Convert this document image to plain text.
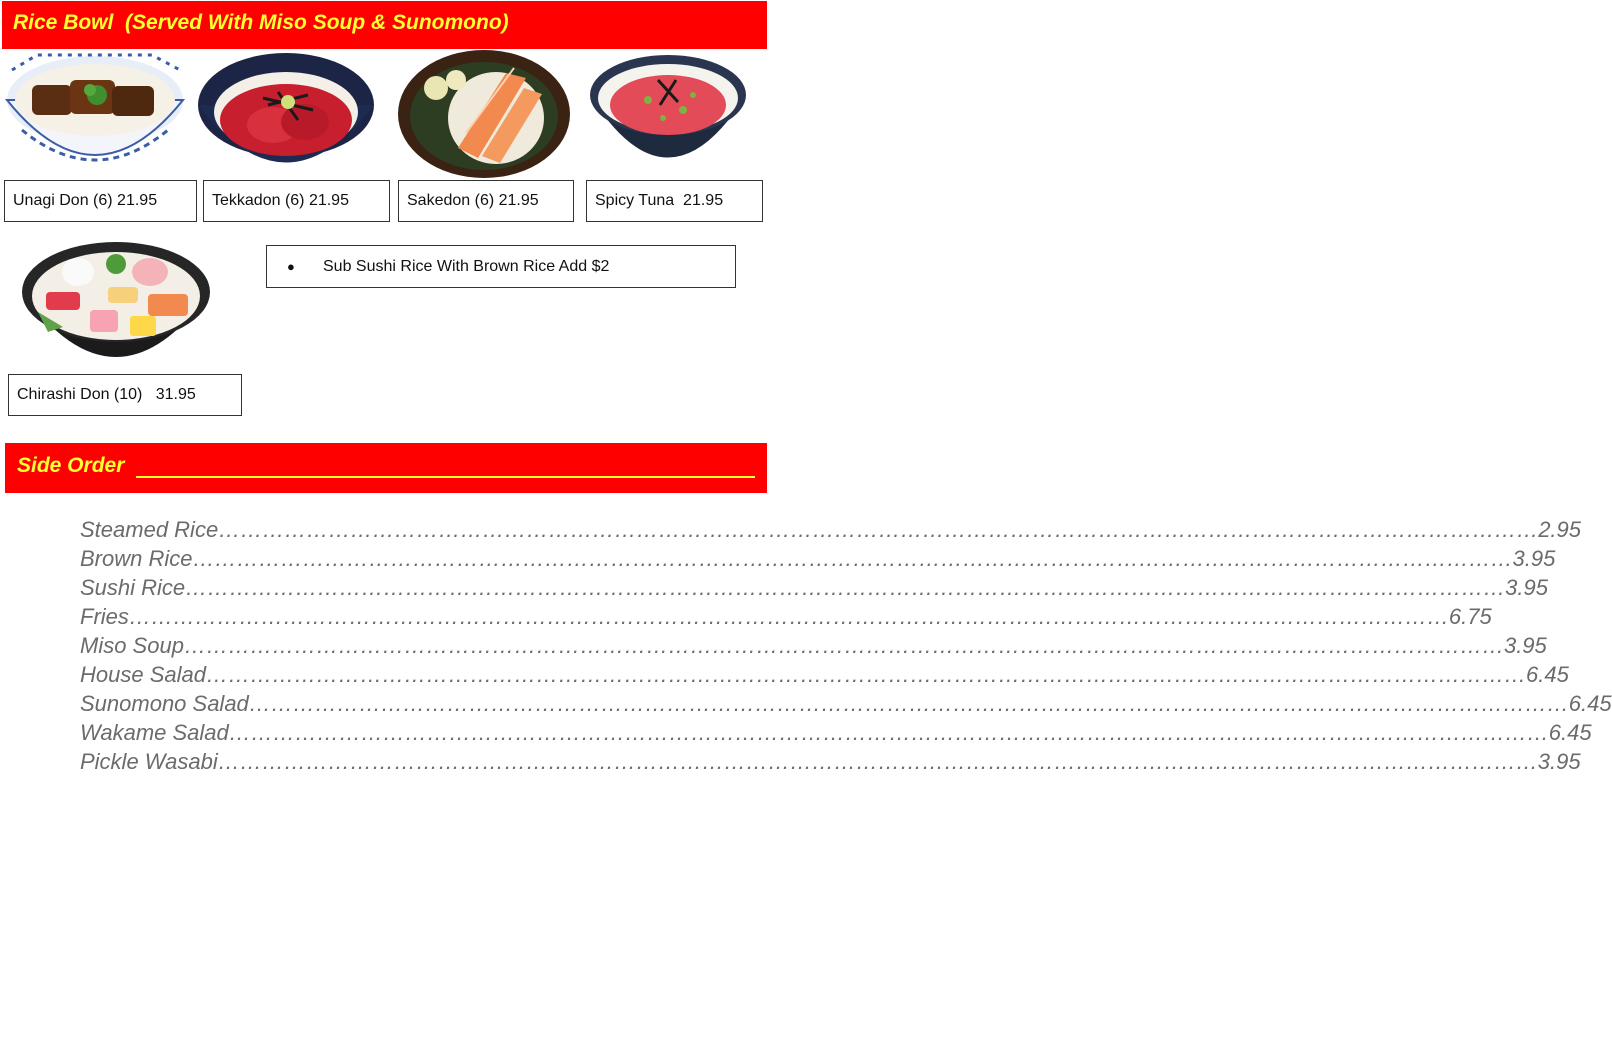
Rice Bowl  (Served With Miso Soup & Sunomono)
Unagi Don (6) 21.95	Tekkadon (6) 21.95	Sakedon (6) 21.95	Spicy Tuna  21.95
Chirashi Don (10)   31.95
● Sub Sushi Rice With Brown Rice Add $2
Side Order
Steamed Rice ……………………………………………………………………………………………………………………………………………………………… 2.95
Brown Rice ……………………………………………………………………………………………………………………………………………………………… 3.95
Sushi Rice ……………………………………………………………………………………………………………………………………………………………… 3.95
Fries ……………………………………………………………………………………………………………………………………………………………… 6.75
Miso Soup ……………………………………………………………………………………………………………………………………………………………… 3.95
House Salad ……………………………………………………………………………………………………………………………………………………………… 6.45
Sunomono Salad ……………………………………………………………………………………………………………………………………………………………… 6.45
Wakame Salad ……………………………………………………………………………………………………………………………………………………………… 6.45
Pickle Wasabi ……………………………………………………………………………………………………………………………………………………………… 3.95
